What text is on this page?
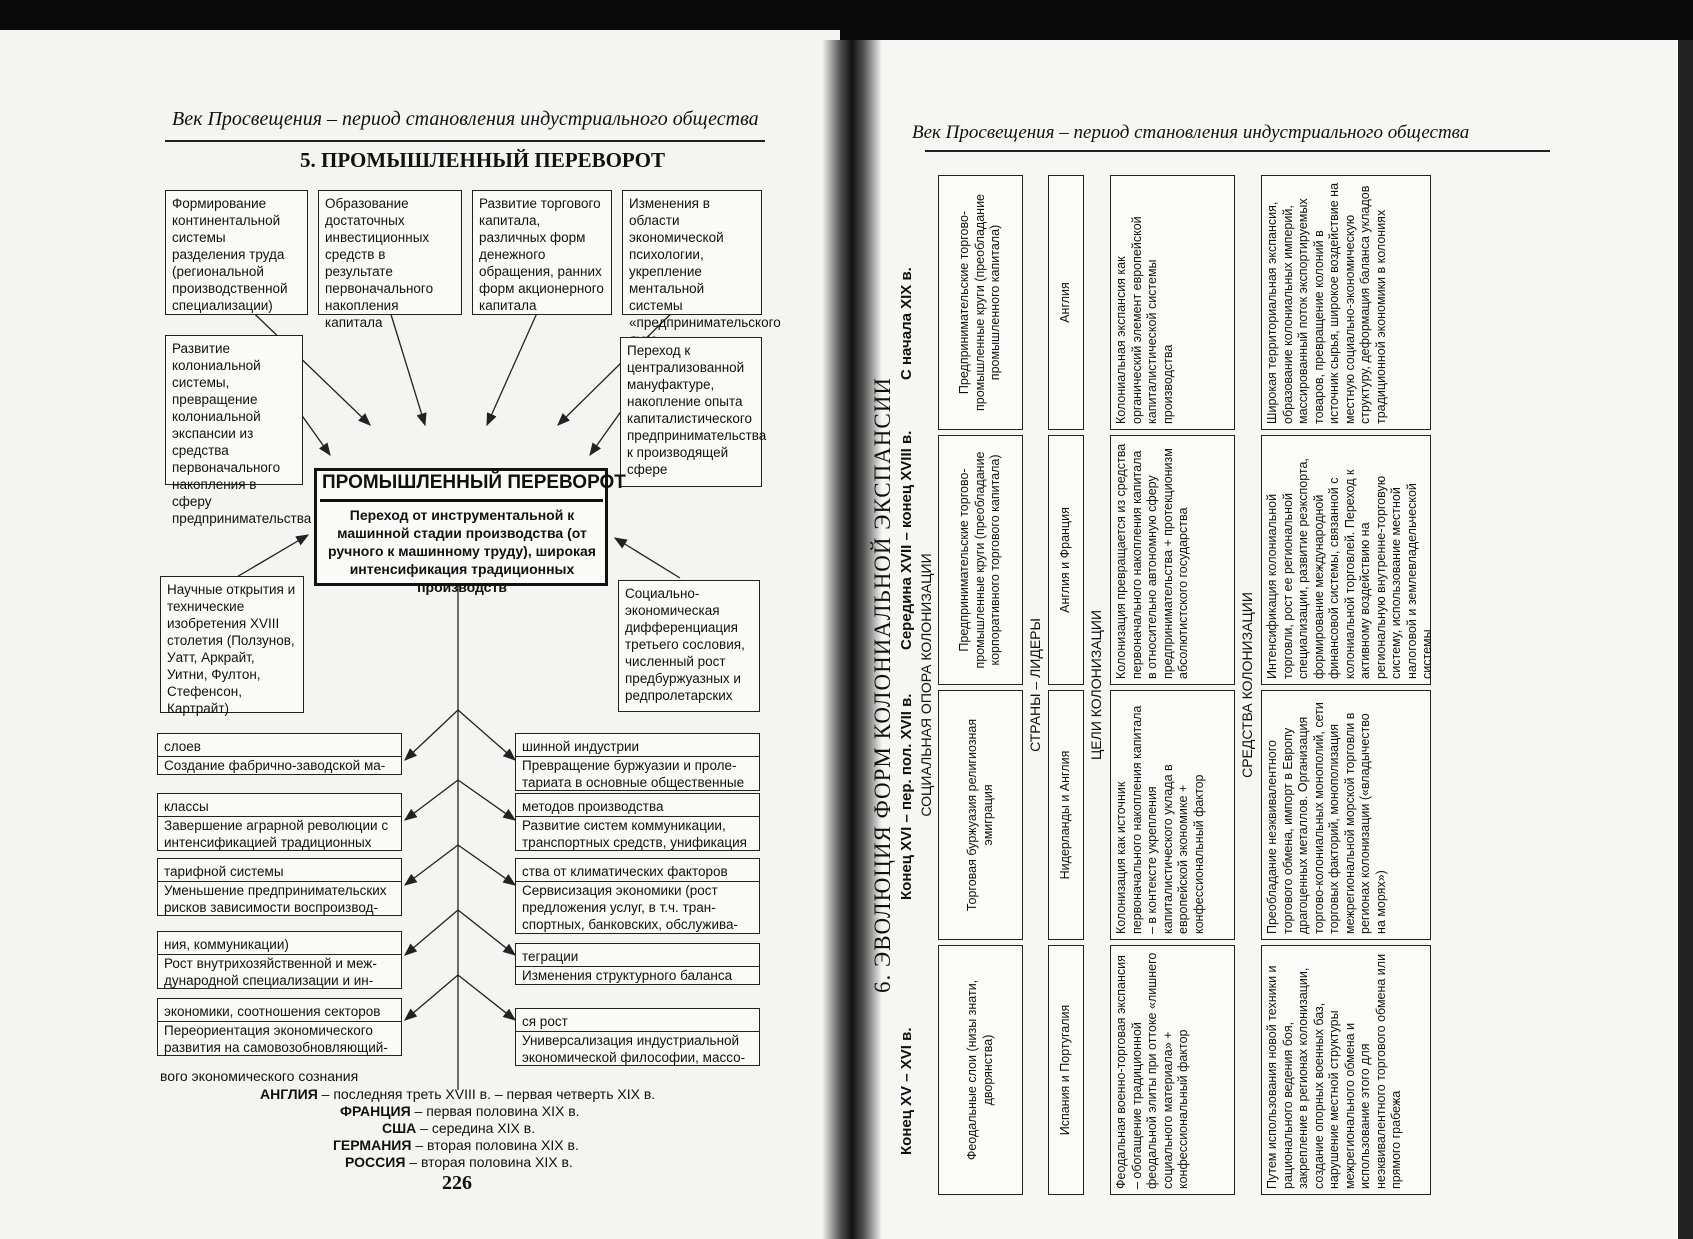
Век Просвещения – период становления индустриального общества
5. ПРОМЫШЛЕННЫЙ ПЕРЕВОРОТ
Формирование континентальной системы разделения труда (региональной производственной специализации)
Образование достаточных инвестиционных средств в результате первоначального накопления капитала
Развитие торгового капитала, различных форм денежного обращения, ранних форм акционерного капитала
Изменения в области экономической психологии, укрепление ментальной системы «предпринимательского
Развитие колониальной системы, превращение колониальной экспансии из средства первоначального накопления в сферу предпринимательства
Переход к централизованной мануфактуре, накопление опыта капиталистического предпринимательства к производящей сфере
ПРОМЫШЛЕННЫЙ ПЕРЕВОРОТ
Переход от инструментальной к машинной стадии производства (от ручного к машинному труду), широкая интенсификация традиционных производств
Научные открытия и технические изобретения XVIII столетия (Ползунов, Уатт, Аркрайт, Уитни, Фултон, Стефенсон, Картрайт)
Социально-экономическая дифференциация третьего сословия, численный рост предбуржуазных и редпролетарских
слоев
Создание фабрично-заводской ма-
классы
Завершение аграрной революции с
интенсификацией традиционных
тарифной системы
Уменьшение предпринимательских
рисков зависимости воспроизвод-
ния, коммуникации)
Рост внутрихозяйственной и меж-
дународной специализации и ин-
экономики, соотношения секторов
Переориентация экономического
развития на самовозобновляющий-
шинной индустрии
Превращение буржуазии и проле-
тариата в основные общественные
методов производства
Развитие систем коммуникации,
транспортных средств, унификация
ства от климатических факторов
Сервисизация экономики (рост
предложения услуг, в т.ч. тран-
спортных, банковских, обслужива-
теграции
Изменения структурного баланса
ся рост
Универсализация индустриальной
экономической философии, массо-
вого экономического сознания
АНГЛИЯ – последняя треть XVIII в. – первая четверть XIX в.
ФРАНЦИЯ – первая половина XIX в.
США – середина XIX в.
ГЕРМАНИЯ – вторая половина XIX в.
РОССИЯ – вторая половина XIX в.
226
Век Просвещения – период становления индустриального общества
6. ЭВОЛЮЦИЯ ФОРМ КОЛОНИАЛЬНОЙ ЭКСПАНСИИ
Конец XV – XVI в.
Конец XVI – пер. пол. XVII в.
Середина XVII – конец XVIII в.
С начала XIX в.
СОЦИАЛЬНАЯ ОПОРА КОЛОНИЗАЦИИ
Феодальные слои (низы знати, дворянства)
Торговая буржуазия религиозная эмиграция
Предпринимательские торгово-промышленные круги (преобладание корпоративного торгового капитала)
Предпринимательские торгово-промышленные круги (преобладание промышленного капитала)
СТРАНЫ – ЛИДЕРЫ
Испания и Португалия
Нидерланды и Англия
Англия и Франция
Англия
ЦЕЛИ КОЛОНИЗАЦИИ
Феодальная военно-торговая экспансия – обогащение традиционной феодальной элиты при оттоке «лишнего социального материала» + конфессиональный фактор
Колонизация как источник первоначального накопления капитала – в контексте укрепления капиталистического уклада в европейской экономике + конфессиональный фактор
Колонизация превращается из средства первоначального накопления капитала в относительно автономную сферу предпринимательства + протекционизм абсолютистского государства
Колониальная экспансия как органический элемент европейской капиталистической системы производства
СРЕДСТВА КОЛОНИЗАЦИИ
Путем использования новой техники и рационального ведения боя, закрепление в регионах колонизации, создание опорных военных баз, нарушение местной структуры межрегионального обмена и использование этого для неэквивалентного торгового обмена или прямого грабежа
Преобладание неэквивалентного торгового обмена, импорт в Европу драгоценных металлов. Организация торгово-колониальных монополий, сети торговых факторий, монополизация межрегиональной морской торговли в регионах колонизации («владычество на морях»)
Интенсификация колониальной торговли, рост ее региональной специализации, развитие реэкспорта, формирование международной финансовой системы, связанной с колониальной торговлей. Переход к активному воздействию на региональную внутренне-торговую систему, использование местной налоговой и землевладельческой системы
Широкая территориальная экспансия, образование колониальных империй, массированный поток экспортируемых товаров, превращение колоний в источник сырья, широкое воздействие на местную социально-экономическую структуру, деформация баланса укладов традиционной экономики в колониях
